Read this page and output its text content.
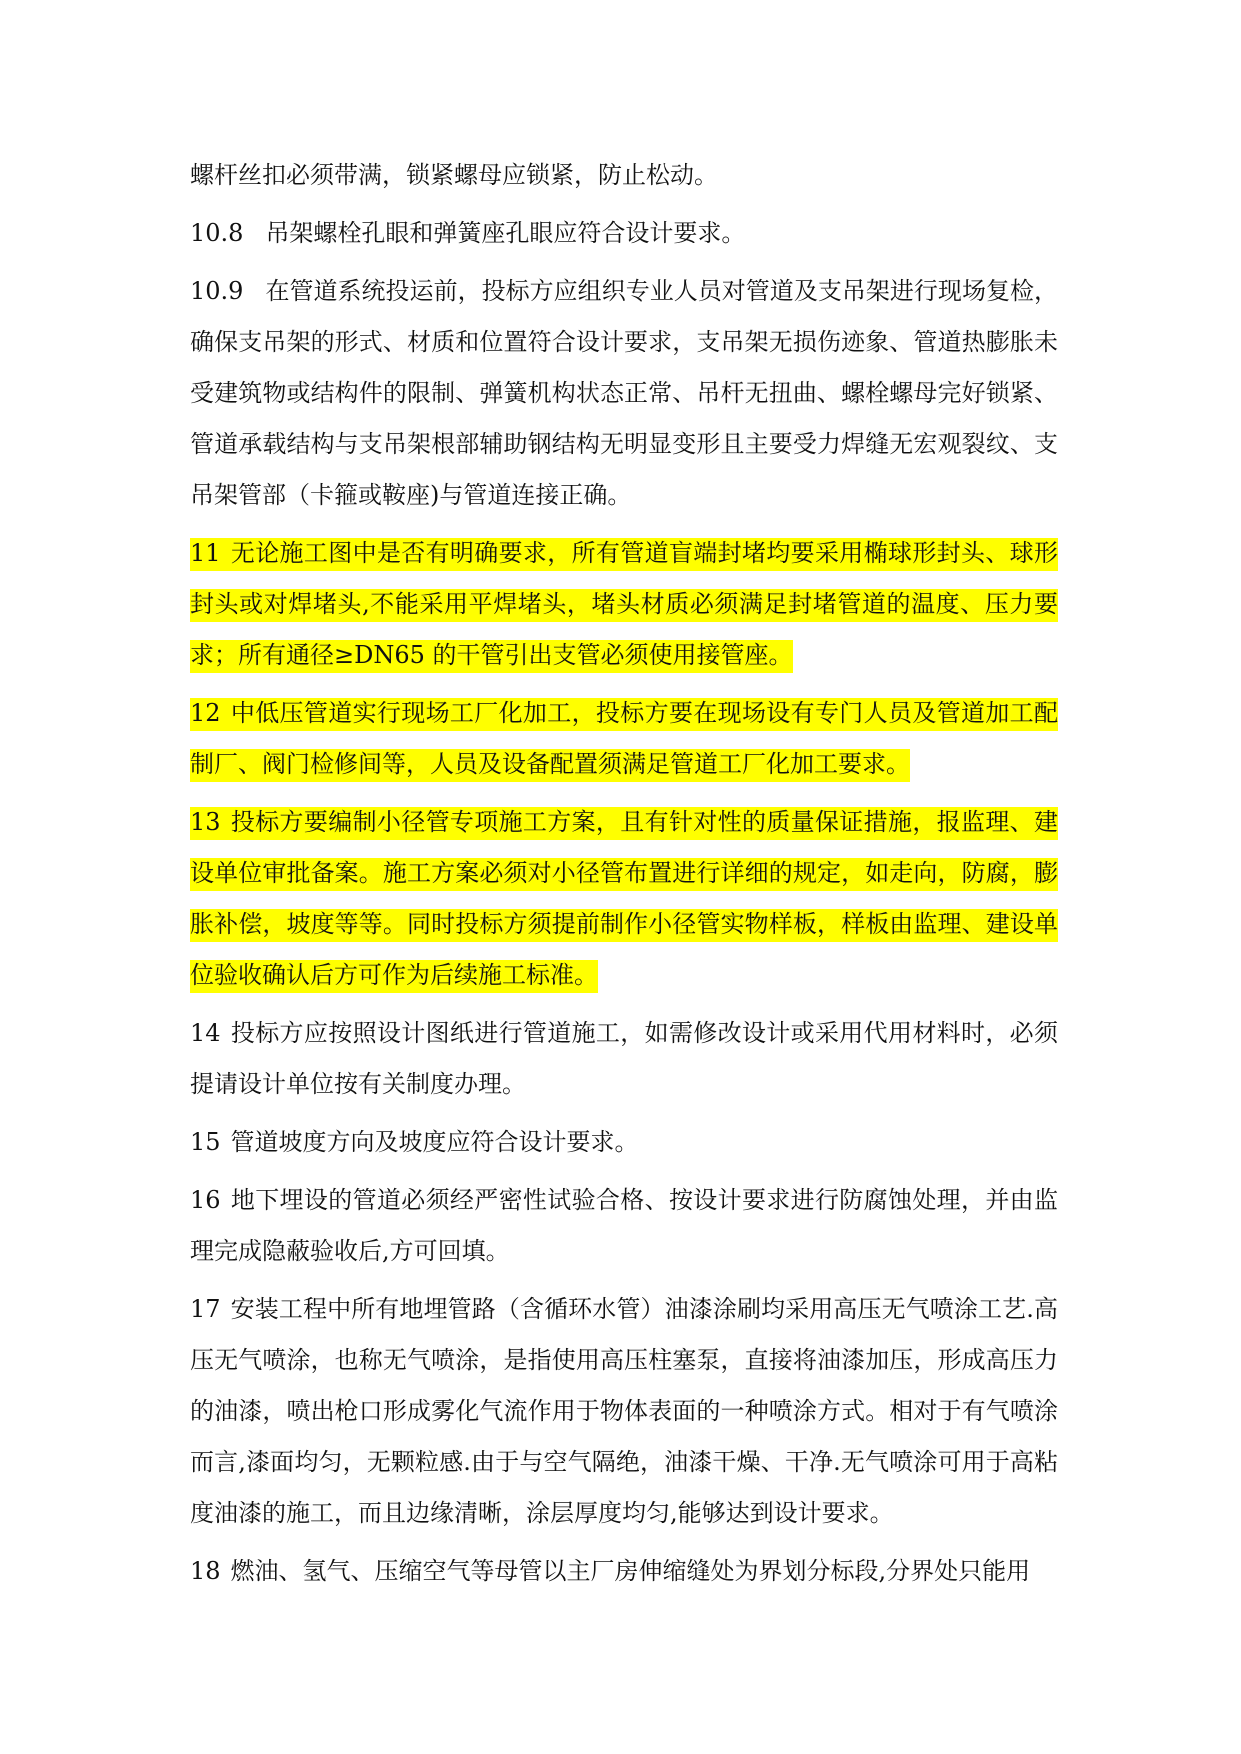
螺杆丝扣必须带满，锁紧螺母应锁紧，防止松动。

10.8 吊架螺栓孔眼和弹簧座孔眼应符合设计要求。

10.9 在管道系统投运前，投标方应组织专业人员对管道及支吊架进行现场复检，确保支吊架的形式、材质和位置符合设计要求，支吊架无损伤迹象、管道热膨胀未受建筑物或结构件的限制、弹簧机构状态正常、吊杆无扭曲、螺栓螺母完好锁紧、管道承载结构与支吊架根部辅助钢结构无明显变形且主要受力焊缝无宏观裂纹、支吊架管部（卡箍或鞍座)与管道连接正确。

11 无论施工图中是否有明确要求，所有管道盲端封堵均要采用椭球形封头、球形封头或对焊堵头,不能采用平焊堵头，堵头材质必须满足封堵管道的温度、压力要求；所有通径≥DN65 的干管引出支管必须使用接管座。

12 中低压管道实行现场工厂化加工，投标方要在现场设有专门人员及管道加工配制厂、阀门检修间等，人员及设备配置须满足管道工厂化加工要求。

13 投标方要编制小径管专项施工方案，且有针对性的质量保证措施，报监理、建设单位审批备案。施工方案必须对小径管布置进行详细的规定，如走向，防腐，膨胀补偿，坡度等等。同时投标方须提前制作小径管实物样板，样板由监理、建设单位验收确认后方可作为后续施工标准。

14 投标方应按照设计图纸进行管道施工，如需修改设计或采用代用材料时，必须提请设计单位按有关制度办理。

15 管道坡度方向及坡度应符合设计要求。

16 地下埋设的管道必须经严密性试验合格、按设计要求进行防腐蚀处理，并由监理完成隐蔽验收后,方可回填。

17 安装工程中所有地埋管路（含循环水管）油漆涂刷均采用高压无气喷涂工艺.高压无气喷涂，也称无气喷涂，是指使用高压柱塞泵，直接将油漆加压，形成高压力的油漆，喷出枪口形成雾化气流作用于物体表面的一种喷涂方式。相对于有气喷涂而言,漆面均匀，无颗粒感.由于与空气隔绝，油漆干燥、干净.无气喷涂可用于高粘度油漆的施工，而且边缘清晰，涂层厚度均匀,能够达到设计要求。

18 燃油、氢气、压缩空气等母管以主厂房伸缩缝处为界划分标段,分界处只能用
